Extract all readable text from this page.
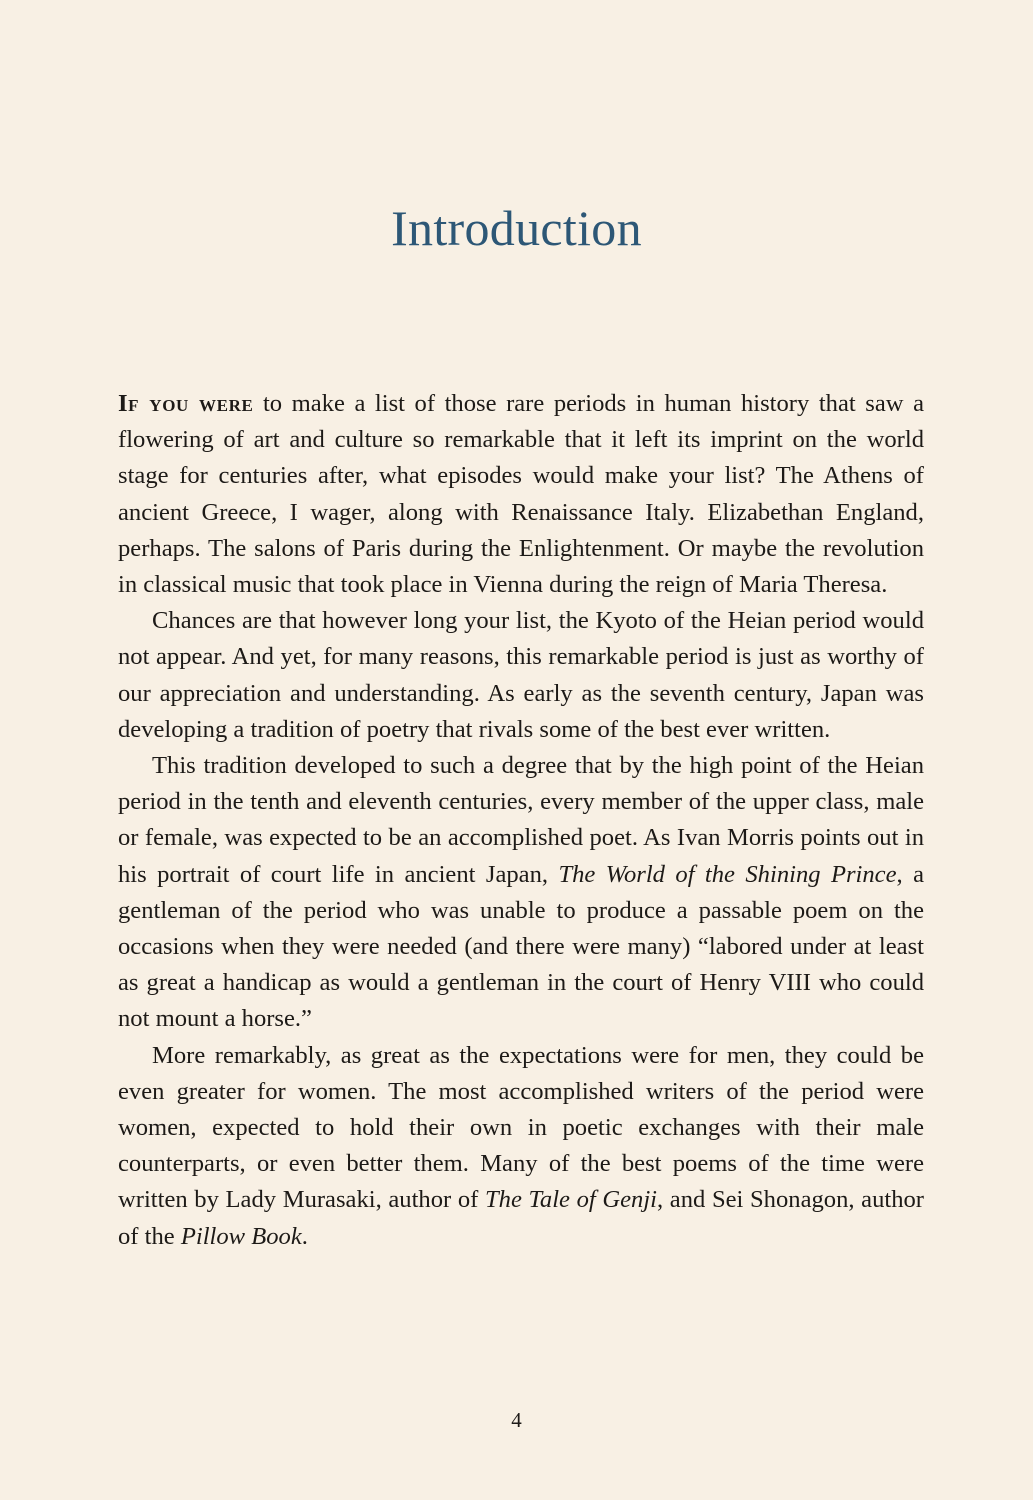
Introduction

If you were to make a list of those rare periods in human history that saw a flowering of art and culture so remarkable that it left its imprint on the world stage for centuries after, what episodes would make your list? The Athens of ancient Greece, I wager, along with Renaissance Italy. Elizabethan England, perhaps. The salons of Paris during the Enlightenment. Or maybe the revolution in classical music that took place in Vienna during the reign of Maria Theresa.

Chances are that however long your list, the Kyoto of the Heian period would not appear. And yet, for many reasons, this remarkable period is just as worthy of our appreciation and understanding. As early as the seventh century, Japan was developing a tradition of poetry that rivals some of the best ever written.

This tradition developed to such a degree that by the high point of the Heian period in the tenth and eleventh centuries, every member of the upper class, male or female, was expected to be an accomplished poet. As Ivan Morris points out in his portrait of court life in ancient Japan, The World of the Shining Prince, a gentleman of the period who was unable to produce a passable poem on the occasions when they were needed (and there were many) “labored under at least as great a handicap as would a gentleman in the court of Henry VIII who could not mount a horse.”

More remarkably, as great as the expectations were for men, they could be even greater for women. The most accomplished writers of the period were women, expected to hold their own in poetic exchanges with their male counterparts, or even better them. Many of the best poems of the time were written by Lady Murasaki, author of The Tale of Genji, and Sei Shonagon, author of the Pillow Book.

4
